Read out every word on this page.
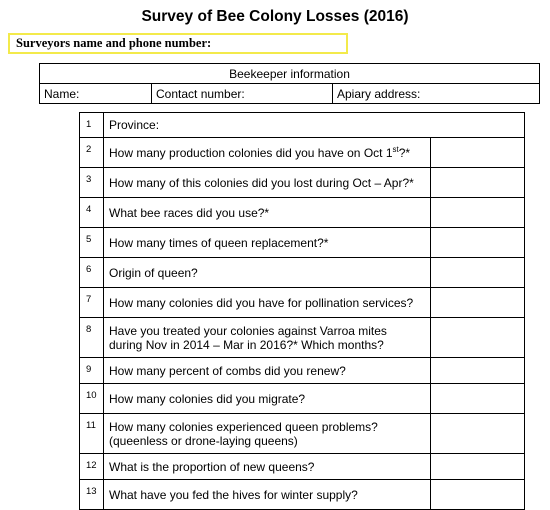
Survey of Bee Colony Losses (2016)
Surveyors name and phone number:
Beekeeper information
Name:	Contact number:	Apiary address:
1	Province:	
2	How many production colonies did you have on Oct 1st?*	
3	How many of this colonies did you lost during Oct – Apr?*	
4	What bee races did you use?*	
5	How many times of queen replacement?*	
6	Origin of queen?	
7	How many colonies did you have for pollination services?	
8	Have you treated your colonies against Varroa mites
during Nov in 2014 – Mar in 2016?* Which months?	

9	How many percent of combs did you renew?	
10	How many colonies did you migrate?	
11	How many colonies experienced queen problems?
(queenless or drone-laying queens)	

12	What is the proportion of new queens?	
13	What have you fed the hives for winter supply?	
